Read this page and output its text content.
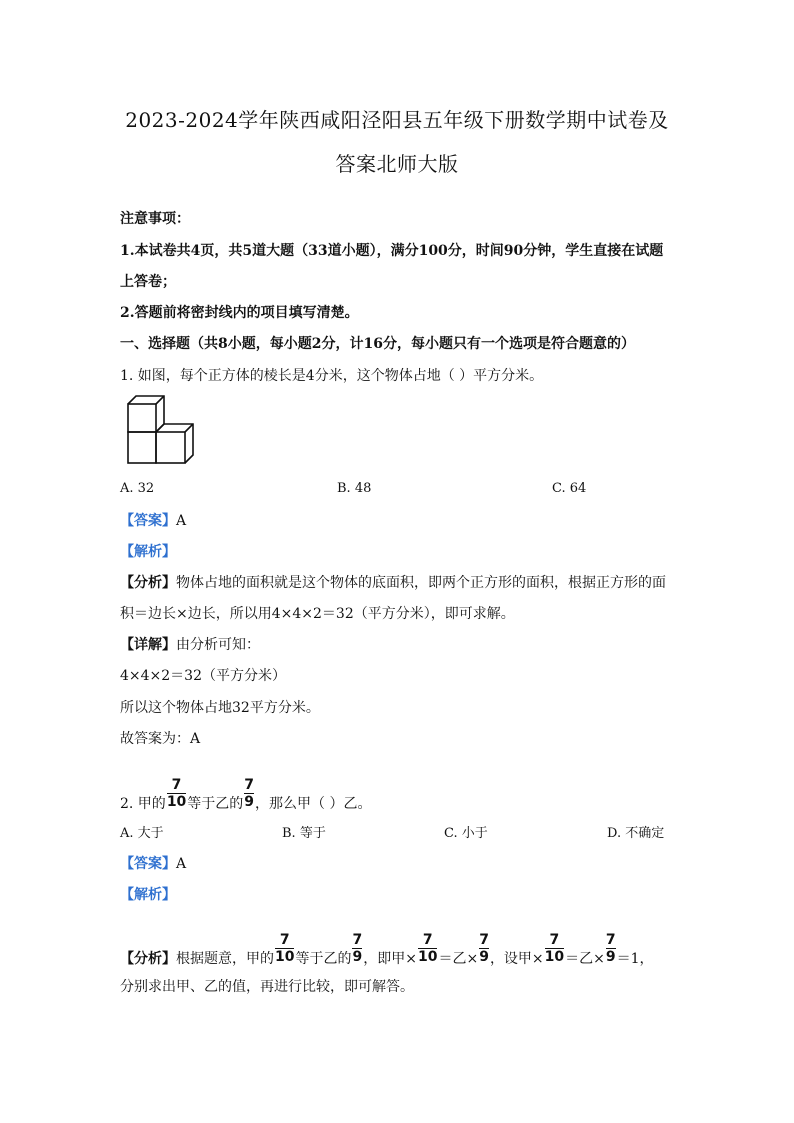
2023-2024学年陕西咸阳泾阳县五年级下册数学期中试卷及
答案北师大版
注意事项：
1.本试卷共4页，共5道大题（33道小题），满分100分，时间90分钟，学生直接在试题
上答卷；
2.答题前将密封线内的项目填写清楚。
一、选择题（共8小题，每小题2分，计16分，每小题只有一个选项是符合题意的）
1. 如图，每个正方体的棱长是4分米，这个物体占地（ ）平方分米。
A. 32	B. 48	C. 64
【答案】A
【解析】
【分析】物体占地的面积就是这个物体的底面积，即两个正方形的面积，根据正方形的面
积＝边长×边长，所以用4×4×2＝32（平方分米），即可求解。
【详解】由分析可知：
4×4×2＝32（平方分米）
所以这个物体占地32平方分米。
故答案为：A
2. 甲的 $\frac{7}{10}$ 等于乙的 $\frac{7}{9}$ ，那么甲（ ）乙。
A. 大于	B. 等于	C. 小于	D. 不确定
【答案】A
【解析】
【分析】根据题意，甲的 $\frac{7}{10}$ 等于乙的 $\frac{7}{9}$ ，即甲× $\frac{7}{10}$ ＝乙× $\frac{7}{9}$ ，设甲× $\frac{7}{10}$ ＝乙× $\frac{7}{9} =1$，
分别求出甲、乙的值，再进行比较，即可解答。
